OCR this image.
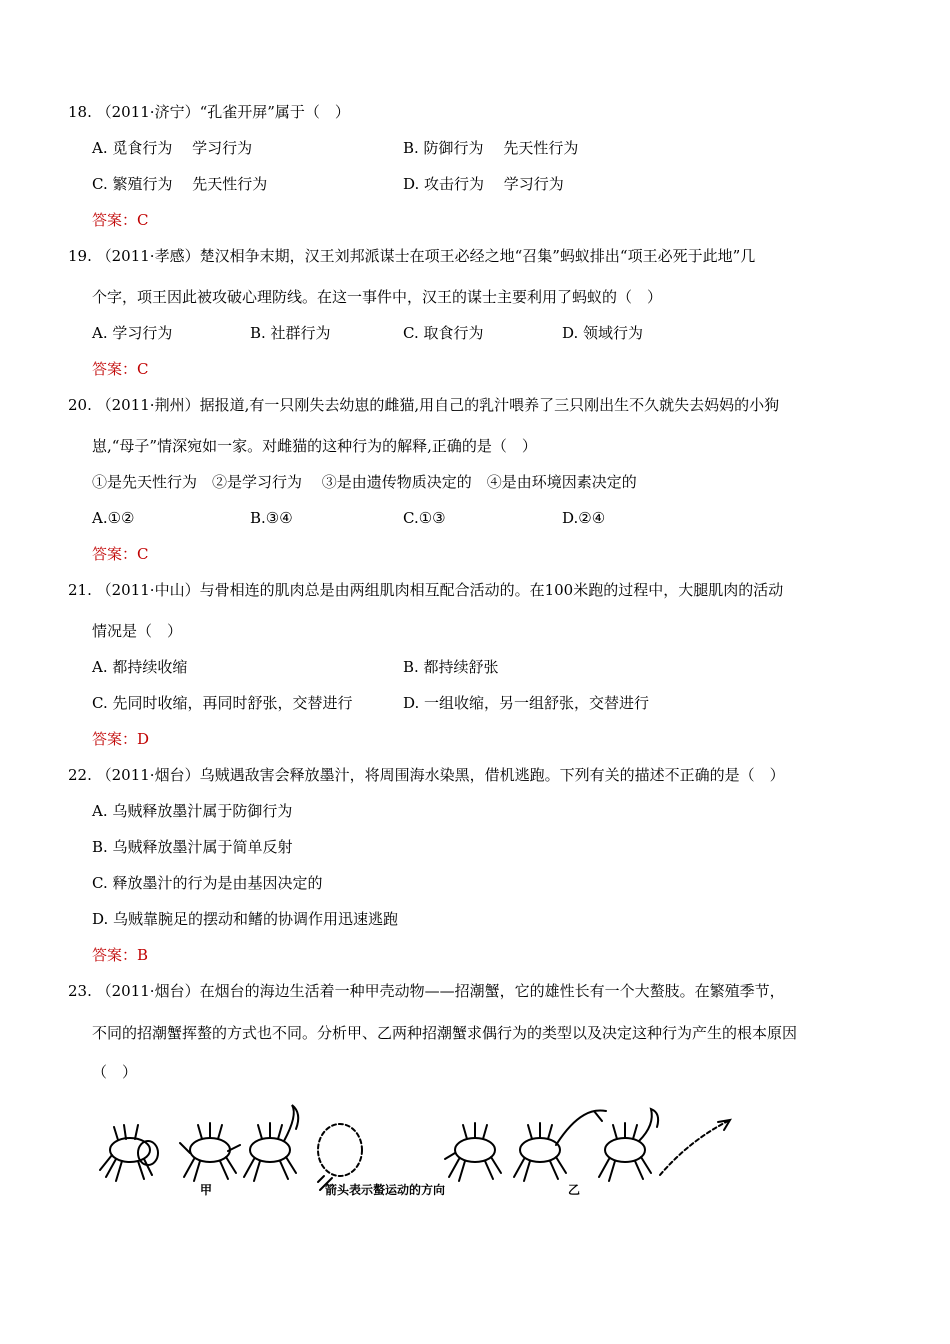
18. （2011·济宁）“孔雀开屏”属于（　）
A. 觅食行为　 学习行为	B. 防御行为　 先天性行为
C. 繁殖行为　 先天性行为	D. 攻击行为　 学习行为
答案：C
19. （2011·孝感）楚汉相争末期，汉王刘邦派谋士在项王必经之地“召集”蚂蚁排出“项王必死于此地”几
个字，项王因此被攻破心理防线。在这一事件中，汉王的谋士主要利用了蚂蚁的（　）
A. 学习行为	B. 社群行为	C. 取食行为	D. 领域行为
答案：C
20. （2011·荆州）据报道,有一只刚失去幼崽的雌猫,用自己的乳汁喂养了三只刚出生不久就失去妈妈的小狗
崽,“母子”情深宛如一家。对雌猫的这种行为的解释,正确的是（　）
①是先天性行为　②是学习行为　 ③是由遗传物质决定的　④是由环境因素决定的
A.①②	B.③④	C.①③	D.②④
答案：C
21. （2011·中山）与骨相连的肌肉总是由两组肌肉相互配合活动的。在100米跑的过程中，大腿肌肉的活动
情况是（　）
A. 都持续收缩	B. 都持续舒张
C. 先同时收缩，再同时舒张，交替进行	D. 一组收缩，另一组舒张，交替进行
答案：D
22. （2011·烟台）乌贼遇敌害会释放墨汁，将周围海水染黑，借机逃跑。下列有关的描述不正确的是（　）
A. 乌贼释放墨汁属于防御行为
B. 乌贼释放墨汁属于简单反射
C. 释放墨汁的行为是由基因决定的
D. 乌贼靠腕足的摆动和鳍的协调作用迅速逃跑
答案：B
23. （2011·烟台）在烟台的海边生活着一种甲壳动物——招潮蟹，它的雄性长有一个大螯肢。在繁殖季节，
不同的招潮蟹挥螯的方式也不同。分析甲、乙两种招潮蟹求偶行为的类型以及决定这种行为产生的根本原因
（　）
甲	箭头表示螯运动的方向	乙
